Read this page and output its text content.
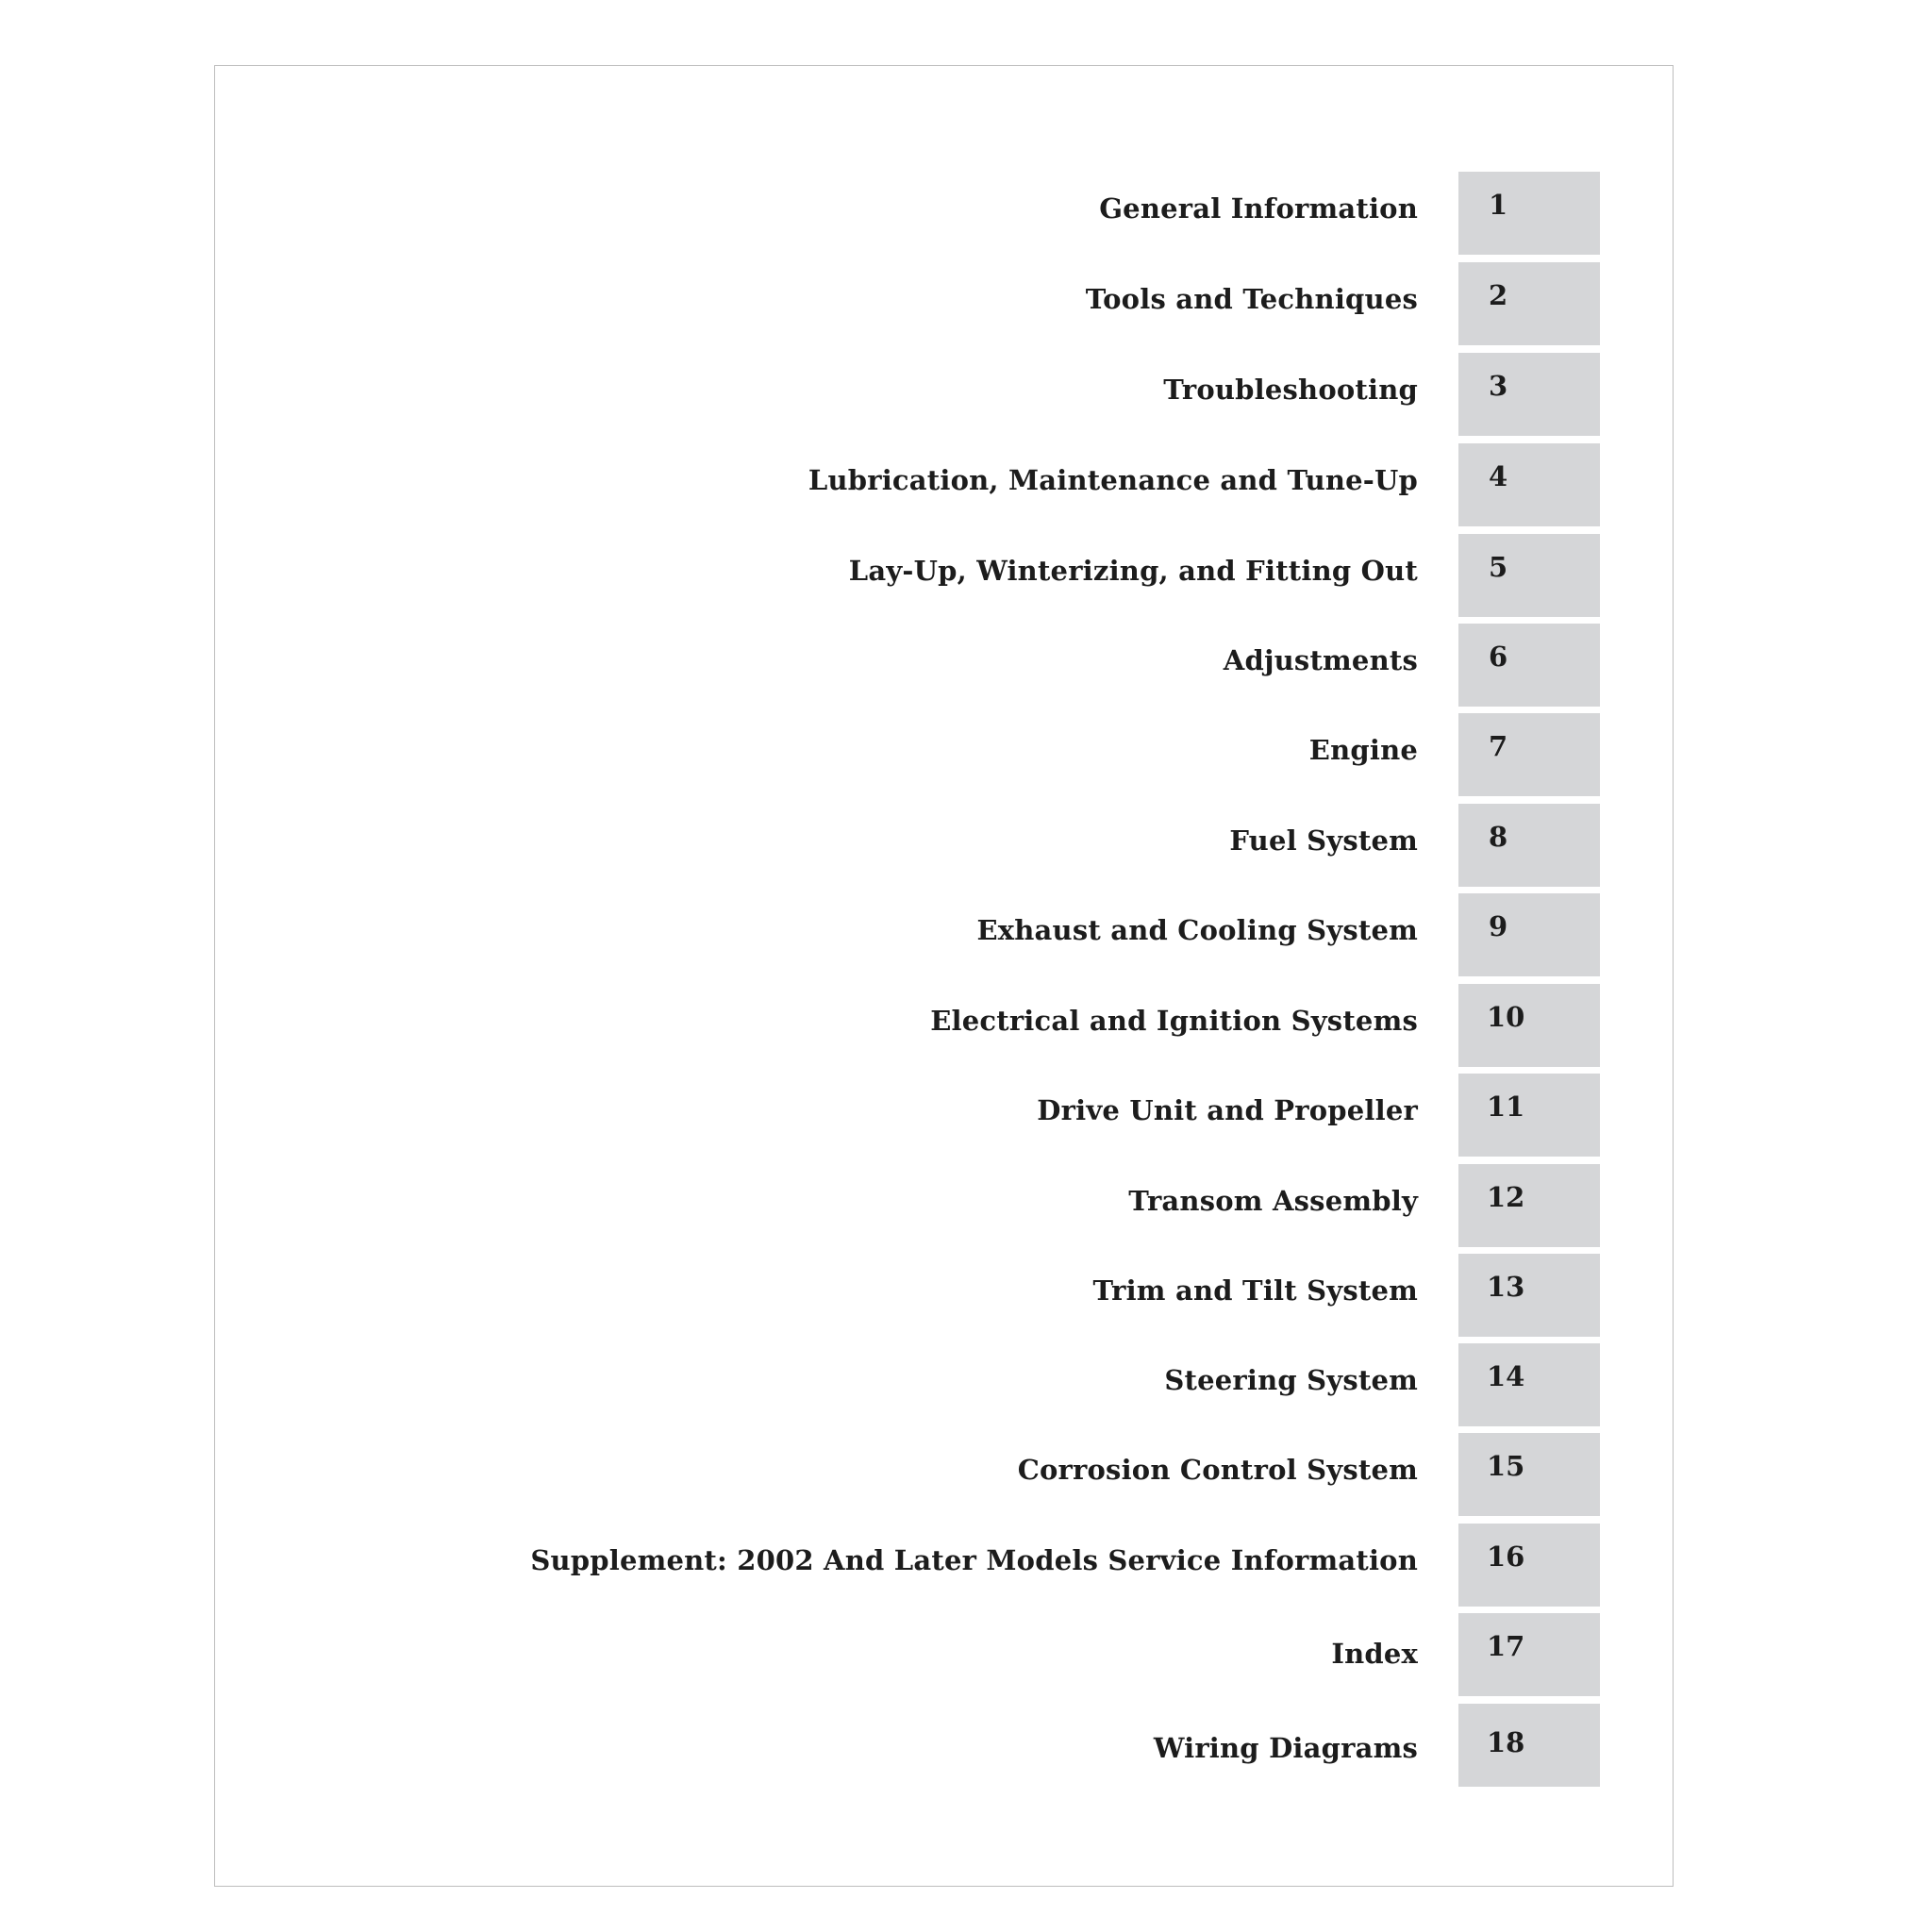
General Information	1
Tools and Techniques	2
Troubleshooting	3
Lubrication, Maintenance and Tune-Up	4
Lay-Up, Winterizing, and Fitting Out	5
Adjustments	6
Engine	7
Fuel System	8
Exhaust and Cooling System	9
Electrical and Ignition Systems	10
Drive Unit and Propeller	11
Transom Assembly	12
Trim and Tilt System	13
Steering System	14
Corrosion Control System	15
Supplement: 2002 And Later Models Service Information	16
Index	17
Wiring Diagrams	18
